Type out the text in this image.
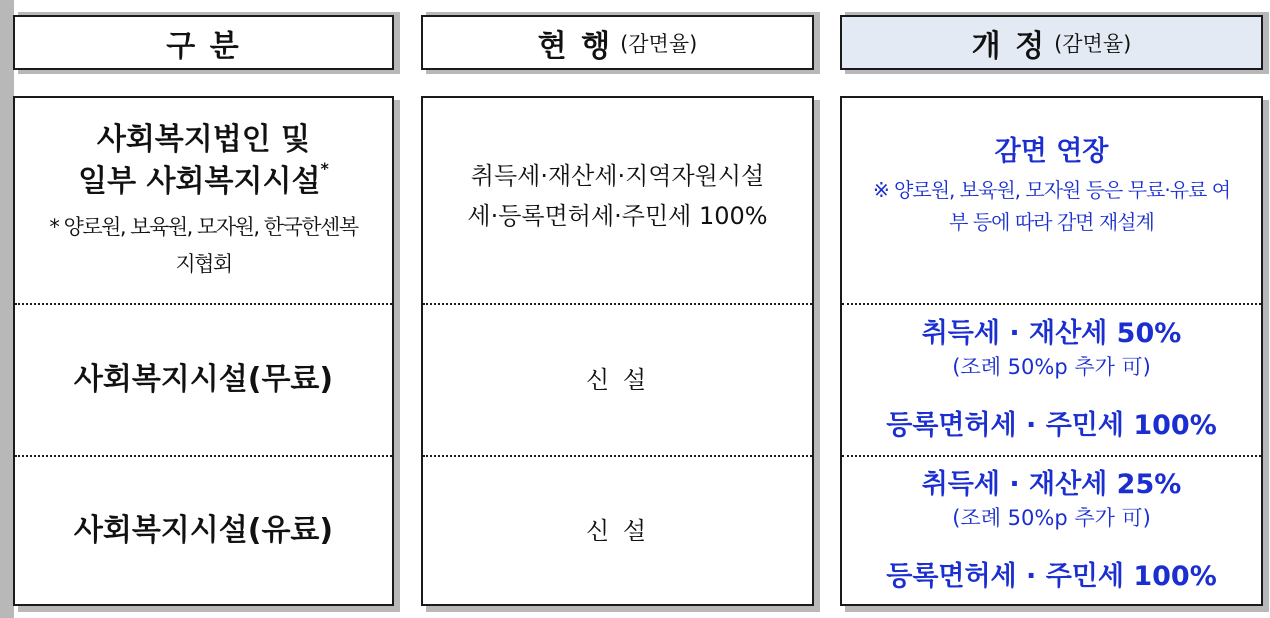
구 분	현 행 (감면율)	개 정 (감면율)
사회복지법인 및
일부 사회복지시설*
* 양로원, 보육원, 모자원, 한국한센복
지협회
사회복지시설(무료)
사회복지시설(유료)
취득세·재산세·지역자원시설
세·등록면허세·주민세 100%
신 설
신 설
감면 연장
※ 양로원, 보육원, 모자원 등은 무료·유료 여
부 등에 따라 감면 재설계
취득세 · 재산세 50%
(조례 50%p 추가 可)
등록면허세 · 주민세 100%
취득세 · 재산세 25%
(조례 50%p 추가 可)
등록면허세 · 주민세 100%
